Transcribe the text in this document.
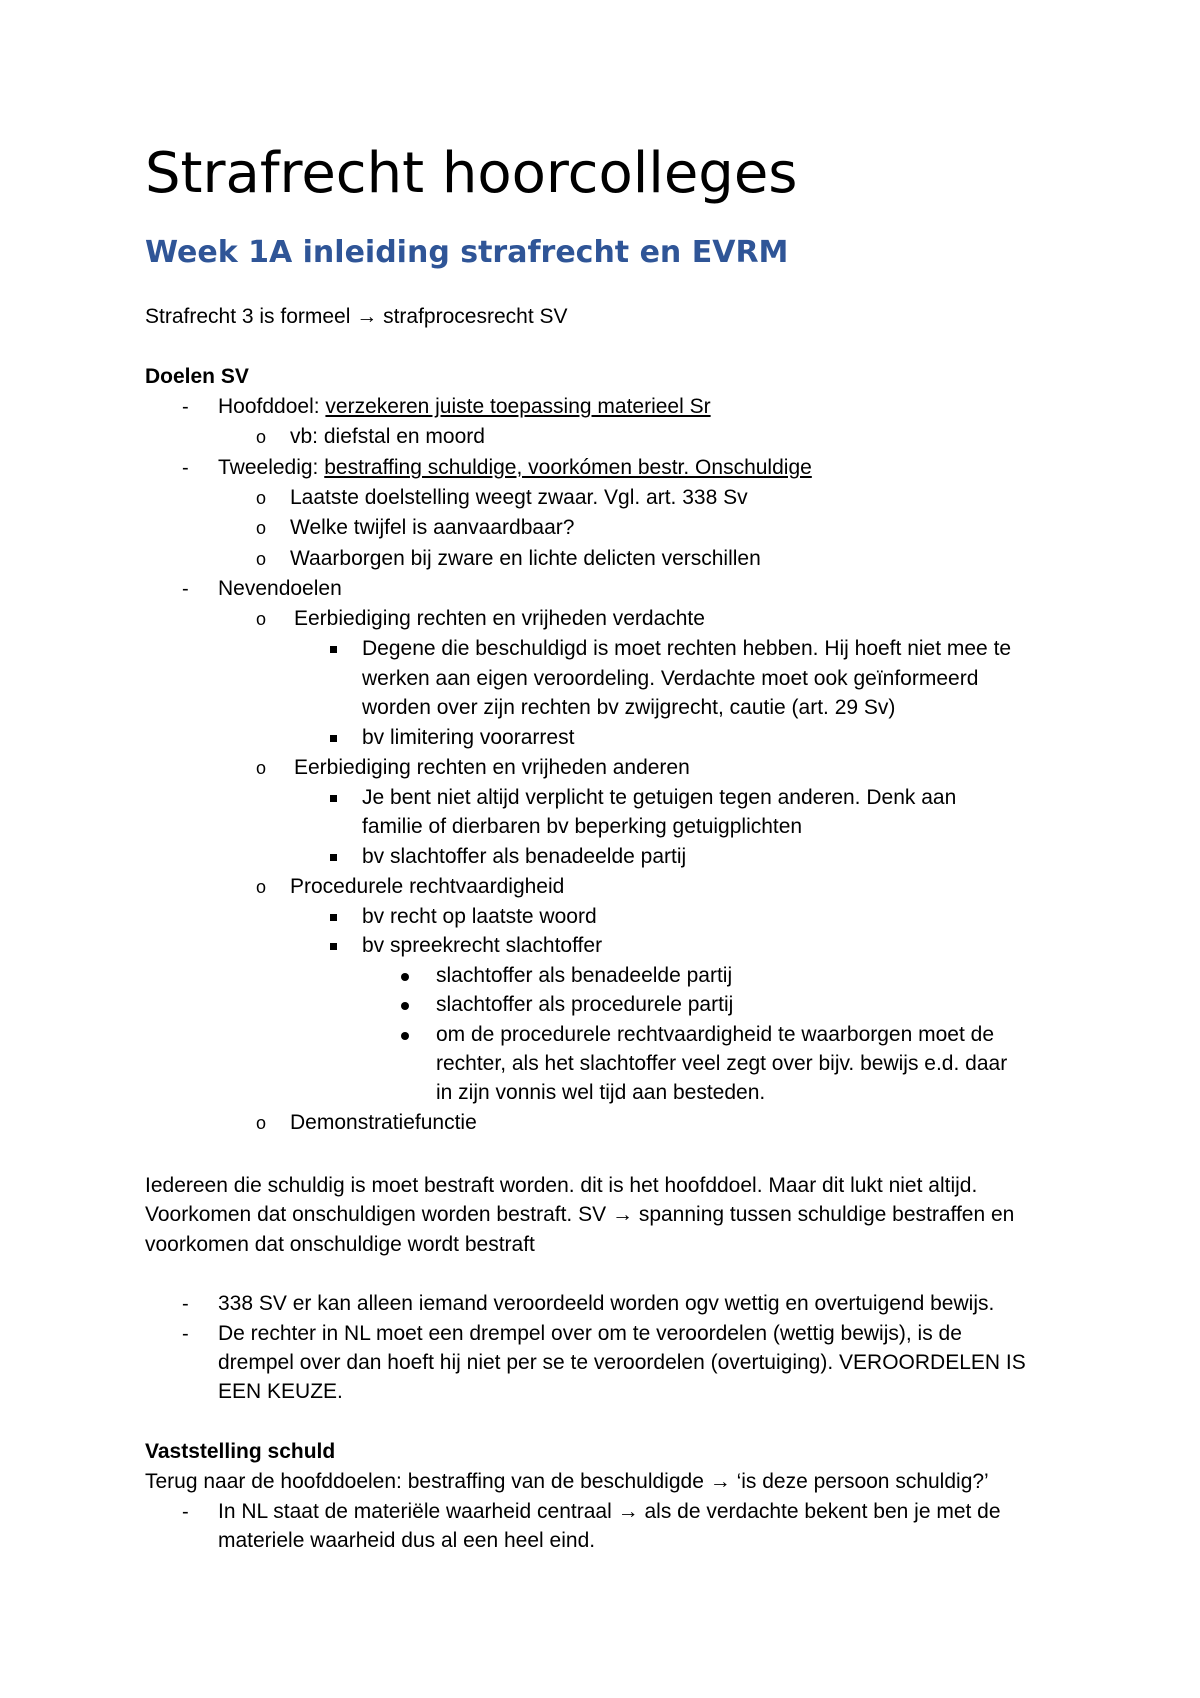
Strafrecht hoorcolleges
Week 1A inleiding strafrecht en EVRM
Strafrecht 3 is formeel → strafprocesrecht SV
Doelen SV
- Hoofddoel: verzekeren juiste toepassing materieel Sr
o vb: diefstal en moord
- Tweeledig: bestraffing schuldige, voorkómen bestr. Onschuldige
o Laatste doelstelling weegt zwaar. Vgl. art. 338 Sv
o Welke twijfel is aanvaardbaar?
o Waarborgen bij zware en lichte delicten verschillen
- Nevendoelen
o Eerbiediging rechten en vrijheden verdachte
Degene die beschuldigd is moet rechten hebben. Hij hoeft niet mee te
werken aan eigen veroordeling. Verdachte moet ook geïnformeerd
worden over zijn rechten bv zwijgrecht, cautie (art. 29 Sv)
bv limitering voorarrest
o Eerbiediging rechten en vrijheden anderen
Je bent niet altijd verplicht te getuigen tegen anderen. Denk aan
familie of dierbaren bv beperking getuigplichten
bv slachtoffer als benadeelde partij
o Procedurele rechtvaardigheid
bv recht op laatste woord
bv spreekrecht slachtoffer
slachtoffer als benadeelde partij
slachtoffer als procedurele partij
om de procedurele rechtvaardigheid te waarborgen moet de
rechter, als het slachtoffer veel zegt over bijv. bewijs e.d. daar
in zijn vonnis wel tijd aan besteden.
o Demonstratiefunctie
Iedereen die schuldig is moet bestraft worden. dit is het hoofddoel. Maar dit lukt niet altijd.
Voorkomen dat onschuldigen worden bestraft. SV → spanning tussen schuldige bestraffen en
voorkomen dat onschuldige wordt bestraft
- 338 SV er kan alleen iemand veroordeeld worden ogv wettig en overtuigend bewijs.
- De rechter in NL moet een drempel over om te veroordelen (wettig bewijs), is de
drempel over dan hoeft hij niet per se te veroordelen (overtuiging). VEROORDELEN IS
EEN KEUZE.
Vaststelling schuld
Terug naar de hoofddoelen: bestraffing van de beschuldigde → ‘is deze persoon schuldig?’
- In NL staat de materiële waarheid centraal → als de verdachte bekent ben je met de
materiele waarheid dus al een heel eind.
